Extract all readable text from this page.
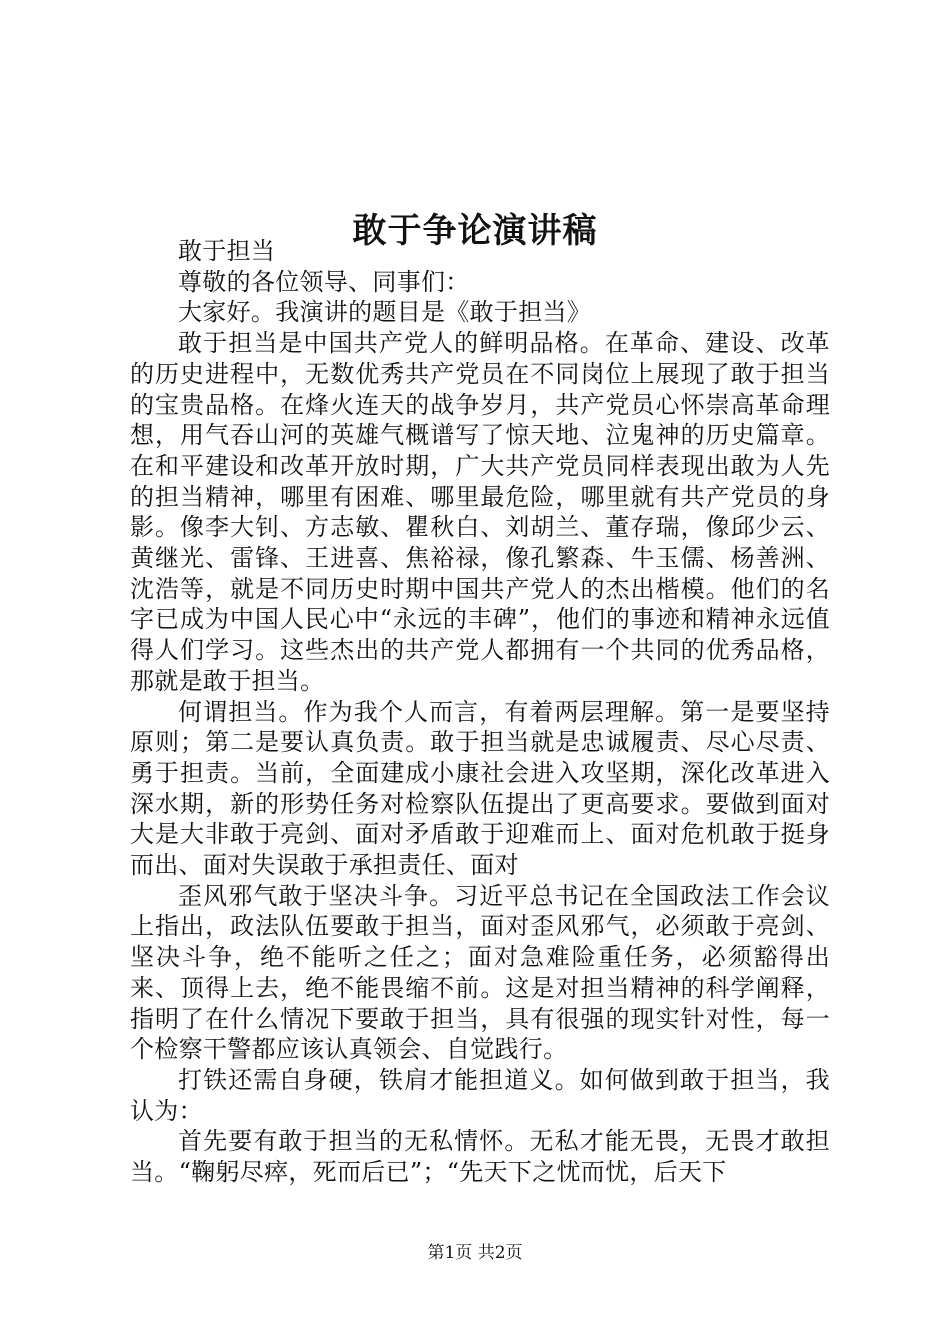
敢于争论演讲稿

敢于担当

尊敬的各位领导、同事们：

大家好。我演讲的题目是《敢于担当》

敢于担当是中国共产党人的鲜明品格。在革命、建设、改革的历史进程中，无数优秀共产党员在不同岗位上展现了敢于担当的宝贵品格。在烽火连天的战争岁月，共产党员心怀崇高革命理想，用气吞山河的英雄气概谱写了惊天地、泣鬼神的历史篇章。在和平建设和改革开放时期，广大共产党员同样表现出敢为人先的担当精神，哪里有困难、哪里最危险，哪里就有共产党员的身影。像李大钊、方志敏、瞿秋白、刘胡兰、董存瑞，像邱少云、黄继光、雷锋、王进喜、焦裕禄，像孔繁森、牛玉儒、杨善洲、沈浩等，就是不同历史时期中国共产党人的杰出楷模。他们的名字已成为中国人民心中“永远的丰碑”，他们的事迹和精神永远值得人们学习。这些杰出的共产党人都拥有一个共同的优秀品格，那就是敢于担当。

何谓担当。作为我个人而言，有着两层理解。第一是要坚持原则；第二是要认真负责。敢于担当就是忠诚履责、尽心尽责、勇于担责。当前，全面建成小康社会进入攻坚期，深化改革进入深水期，新的形势任务对检察队伍提出了更高要求。要做到面对大是大非敢于亮剑、面对矛盾敢于迎难而上、面对危机敢于挺身而出、面对失误敢于承担责任、面对

歪风邪气敢于坚决斗争。习近平总书记在全国政法工作会议上指出，政法队伍要敢于担当，面对歪风邪气，必须敢于亮剑、坚决斗争，绝不能听之任之；面对急难险重任务，必须豁得出来、顶得上去，绝不能畏缩不前。这是对担当精神的科学阐释，指明了在什么情况下要敢于担当，具有很强的现实针对性，每一个检察干警都应该认真领会、自觉践行。

打铁还需自身硬，铁肩才能担道义。如何做到敢于担当，我认为：

首先要有敢于担当的无私情怀。无私才能无畏，无畏才敢担当。“鞠躬尽瘁，死而后已”；“先天下之忧而忧，后天下

第1页 共2页
